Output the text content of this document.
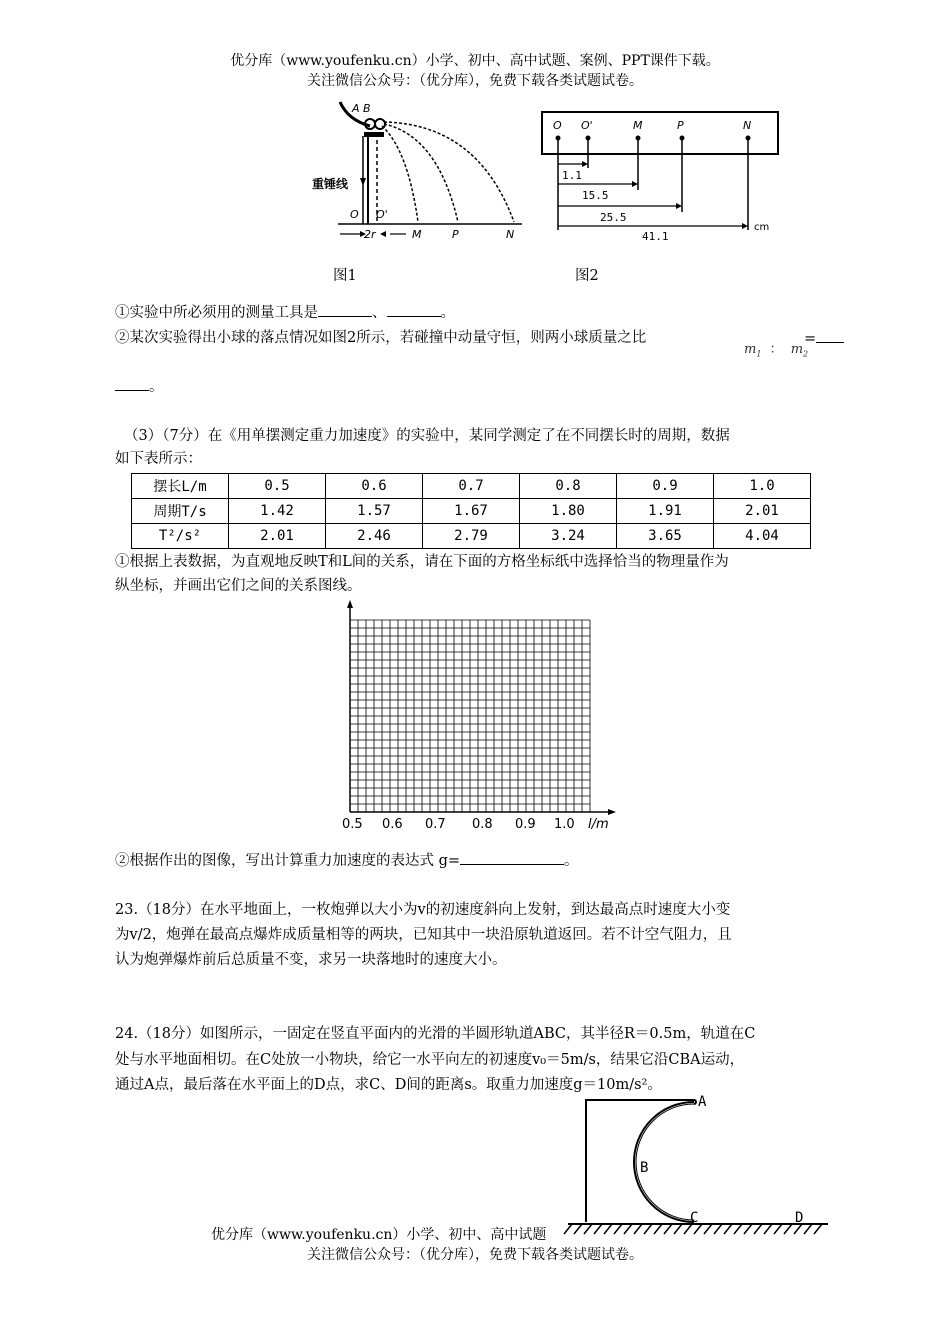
优分库（www.youfenku.cn）小学、初中、高中试题、案例、PPT课件下载。
关注微信公众号：（优分库），免费下载各类试题试卷。
A B
重锤线
O O'
2r	M	P	N
图1
O O'	M	P	N
1.1
15.5
25.5
41.1
cm
图2
①实验中所必须用的测量工具是	、	。
②某次实验得出小球的落点情况如图2所示，若碰撞中动量守恒，则两小球质量之比
$m_1$ ： $m_2$
=
。
（3）（7分）在《用单摆测定重力加速度》的实验中，某同学测定了在不同摆长时的周期，数据
如下表所示：
摆长L/m	0.5	0.6	0.7	0.8	0.9	1.0
周期T/s	1.42	1.57	1.67	1.80	1.91	2.01
T²/s²	2.01	2.46	2.79	3.24	3.65	4.04
①根据上表数据，为直观地反映T和L间的关系，请在下面的方格坐标纸中选择恰当的物理量作为
纵坐标，并画出它们之间的关系图线。
0.5 0.6 0.7 0.8 0.9 1.0 l/m
②根据作出的图像，写出计算重力加速度的表达式 g=	。
23.（18分）在水平地面上，一枚炮弹以大小为v的初速度斜向上发射，到达最高点时速度大小变
为v/2，炮弹在最高点爆炸成质量相等的两块，已知其中一块沿原轨道返回。若不计空气阻力，且
认为炮弹爆炸前后总质量不变，求另一块落地时的速度大小。
24.（18分）如图所示，一固定在竖直平面内的光滑的半圆形轨道ABC，其半径R＝0.5m，轨道在C
处与水平地面相切。在C处放一小物块，给它一水平向左的初速度v₀＝5m/s，结果它沿CBA运动，
通过A点，最后落在水平面上的D点，求C、D间的距离s。取重力加速度g＝10m/s²。
A
B
C	D
优分库（www.youfenku.cn）小学、初中、高中试题
关注微信公众号：（优分库），免费下载各类试题试卷。
